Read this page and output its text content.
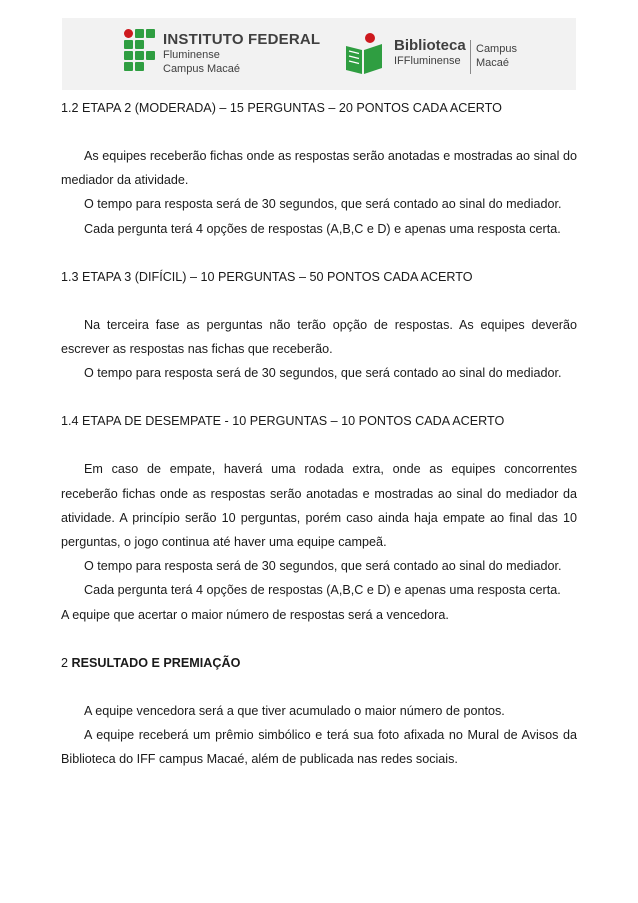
INSTITUTO FEDERAL
Fluminense
Campus Macaé
Biblioteca
IFFluminense
Campus
Macaé
1.2 ETAPA 2 (MODERADA) – 15 PERGUNTAS – 20 PONTOS CADA ACERTO

As equipes receberão fichas onde as respostas serão anotadas e mostradas ao sinal do mediador da atividade.

O tempo para resposta será de 30 segundos, que será contado ao sinal do mediador.

Cada pergunta terá 4 opções de respostas (A,B,C e D) e apenas uma resposta certa.

1.3 ETAPA 3 (DIFÍCIL) – 10 PERGUNTAS – 50 PONTOS CADA ACERTO

Na terceira fase as perguntas não terão opção de respostas. As equipes deverão escrever as respostas nas fichas que receberão.

O tempo para resposta será de 30 segundos, que será contado ao sinal do mediador.

1.4 ETAPA DE DESEMPATE - 10 PERGUNTAS – 10 PONTOS CADA ACERTO

Em caso de empate, haverá uma rodada extra, onde as equipes concorrentes receberão fichas onde as respostas serão anotadas e mostradas ao sinal do mediador da atividade. A princípio serão 10 perguntas, porém caso ainda haja empate ao final das 10 perguntas, o jogo continua até haver uma equipe campeã.

O tempo para resposta será de 30 segundos, que será contado ao sinal do mediador.

Cada pergunta terá 4 opções de respostas (A,B,C e D) e apenas uma resposta certa.

A equipe que acertar o maior número de respostas será a vencedora.

2 RESULTADO E PREMIAÇÃO

A equipe vencedora será a que tiver acumulado o maior número de pontos.

A equipe receberá um prêmio simbólico e terá sua foto afixada no Mural de Avisos da Biblioteca do IFF campus Macaé, além de publicada nas redes sociais.
